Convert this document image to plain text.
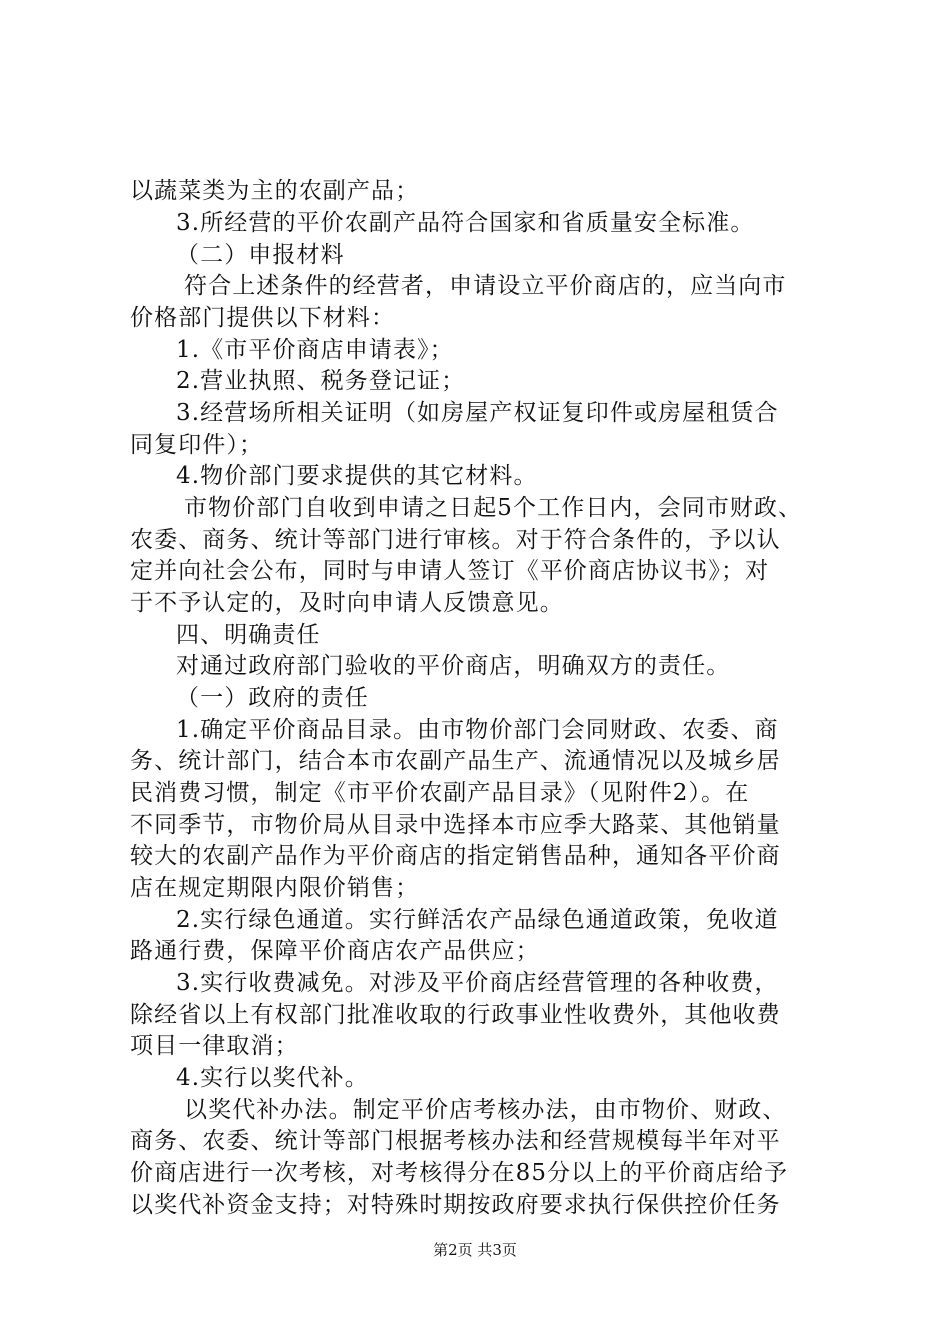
以蔬菜类为主的农副产品；
3.所经营的平价农副产品符合国家和省质量安全标准。
（二）申报材料
符合上述条件的经营者，申请设立平价商店的，应当向市
价格部门提供以下材料：
1.《市平价商店申请表》；
2.营业执照、税务登记证；
3.经营场所相关证明（如房屋产权证复印件或房屋租赁合
同复印件）；
4.物价部门要求提供的其它材料。
市物价部门自收到申请之日起5个工作日内，会同市财政、
农委、商务、统计等部门进行审核。对于符合条件的，予以认
定并向社会公布，同时与申请人签订《平价商店协议书》；对
于不予认定的，及时向申请人反馈意见。
四、明确责任
对通过政府部门验收的平价商店，明确双方的责任。
（一）政府的责任
1.确定平价商品目录。由市物价部门会同财政、农委、商
务、统计部门，结合本市农副产品生产、流通情况以及城乡居
民消费习惯，制定《市平价农副产品目录》（见附件2）。在
不同季节，市物价局从目录中选择本市应季大路菜、其他销量
较大的农副产品作为平价商店的指定销售品种，通知各平价商
店在规定期限内限价销售；
2.实行绿色通道。实行鲜活农产品绿色通道政策，免收道
路通行费，保障平价商店农产品供应；
3.实行收费减免。对涉及平价商店经营管理的各种收费，
除经省以上有权部门批准收取的行政事业性收费外，其他收费
项目一律取消；
4.实行以奖代补。
以奖代补办法。制定平价店考核办法，由市物价、财政、
商务、农委、统计等部门根据考核办法和经营规模每半年对平
价商店进行一次考核，对考核得分在85分以上的平价商店给予
以奖代补资金支持；对特殊时期按政府要求执行保供控价任务
第2页 共3页
